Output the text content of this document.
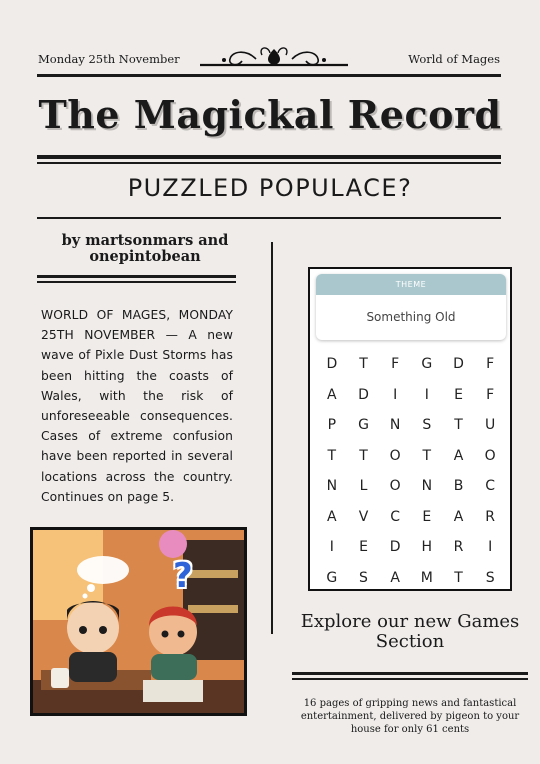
Monday 25th November	World of Mages
The Magickal Record
PUZZLED POPULACE?
by martsonmars and onepintobean
WORLD OF MAGES, MONDAY 25TH NOVEMBER — A new wave of Pixle Dust Storms has been hitting the coasts of Wales, with the risk of unforeseeable consequences. Cases of extreme confusion have been reported in several locations across the country. Continues on page 5.
?
THEME
Something Old
D	T	F	G	D	F
A	D	I	I	E	F
P	G	N	S	T	U
T	T	O	T	A	O
N	L	O	N	B	C
A	V	C	E	A	R
I	E	D	H	R	I
G	S	A	M	T	S
Explore our new Games Section
16 pages of gripping news and fantastical entertainment, delivered by pigeon to your house for only 61 cents
